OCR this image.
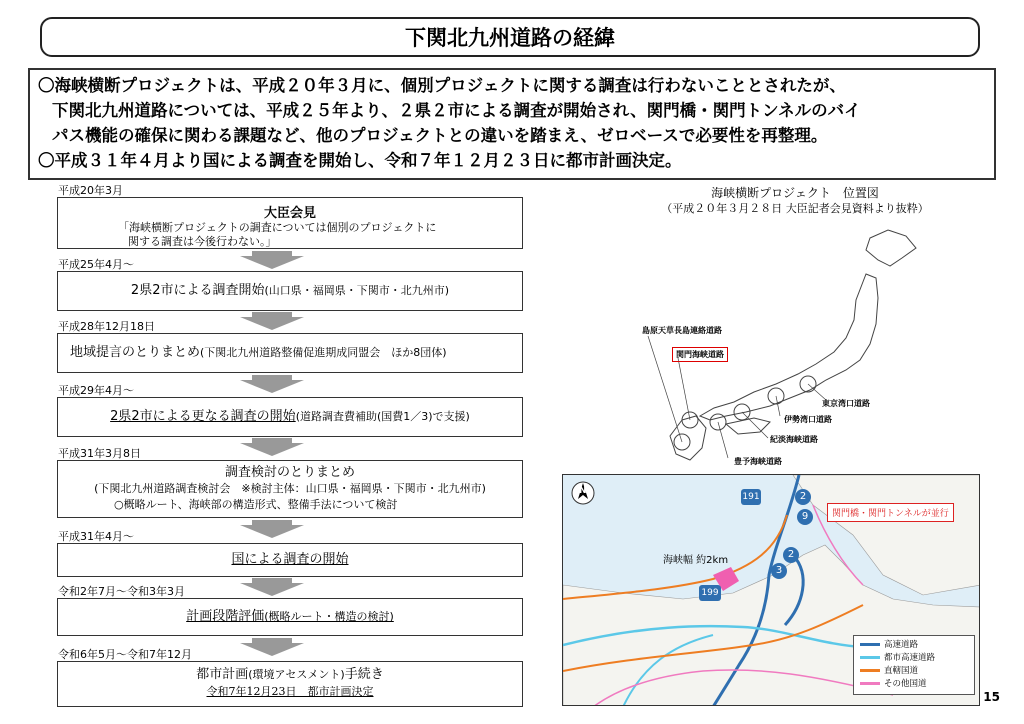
下関北九州道路の経緯
〇海峡横断プロジェクトは、平成２０年３月に、個別プロジェクトに関する調査は行わないこととされたが、
下関北九州道路については、平成２５年より、２県２市による調査が開始され、関門橋・関門トンネルのバイ
パス機能の確保に関わる課題など、他のプロジェクトとの違いを踏まえ、ゼロベースで必要性を再整理。
〇平成３１年４月より国による調査を開始し、令和７年１２月２３日に都市計画決定。
平成20年3月
大臣会見
「海峡横断プロジェクトの調査については個別のプロジェクトに
関する調査は今後行わない。」
平成25年4月～
2県2市による調査開始(山口県・福岡県・下関市・北九州市)
平成28年12月18日
地域提言のとりまとめ(下関北九州道路整備促進期成同盟会　ほか8団体)
平成29年4月～
2県2市による更なる調査の開始(道路調査費補助(国費1／3)で支援)
平成31年3月8日
調査検討のとりまとめ
(下関北九州道路調査検討会　※検討主体：山口県・福岡県・下関市・北九州市)
○概略ルート、海峡部の構造形式、整備手法について検討
平成31年4月～
国による調査の開始
令和2年7月～令和3年3月
計画段階評価(概略ルート・構造の検討)
令和6年5月～令和7年12月
都市計画(環境アセスメント)手続き
令和7年12月23日　都市計画決定
海峡横断プロジェクト　位置図
（平成２０年３月２８日 大臣記者会見資料より抜粋）
島原天草長島連絡道路
関門海峡道路
東京湾口道路
伊勢湾口道路
紀淡海峡道路
豊予海峡道路
N
海峡幅 約2km
191	2
9
2
3
199
関門橋・関門トンネルが並行
高速道路
都市高速道路
直轄国道
その他国道
15
